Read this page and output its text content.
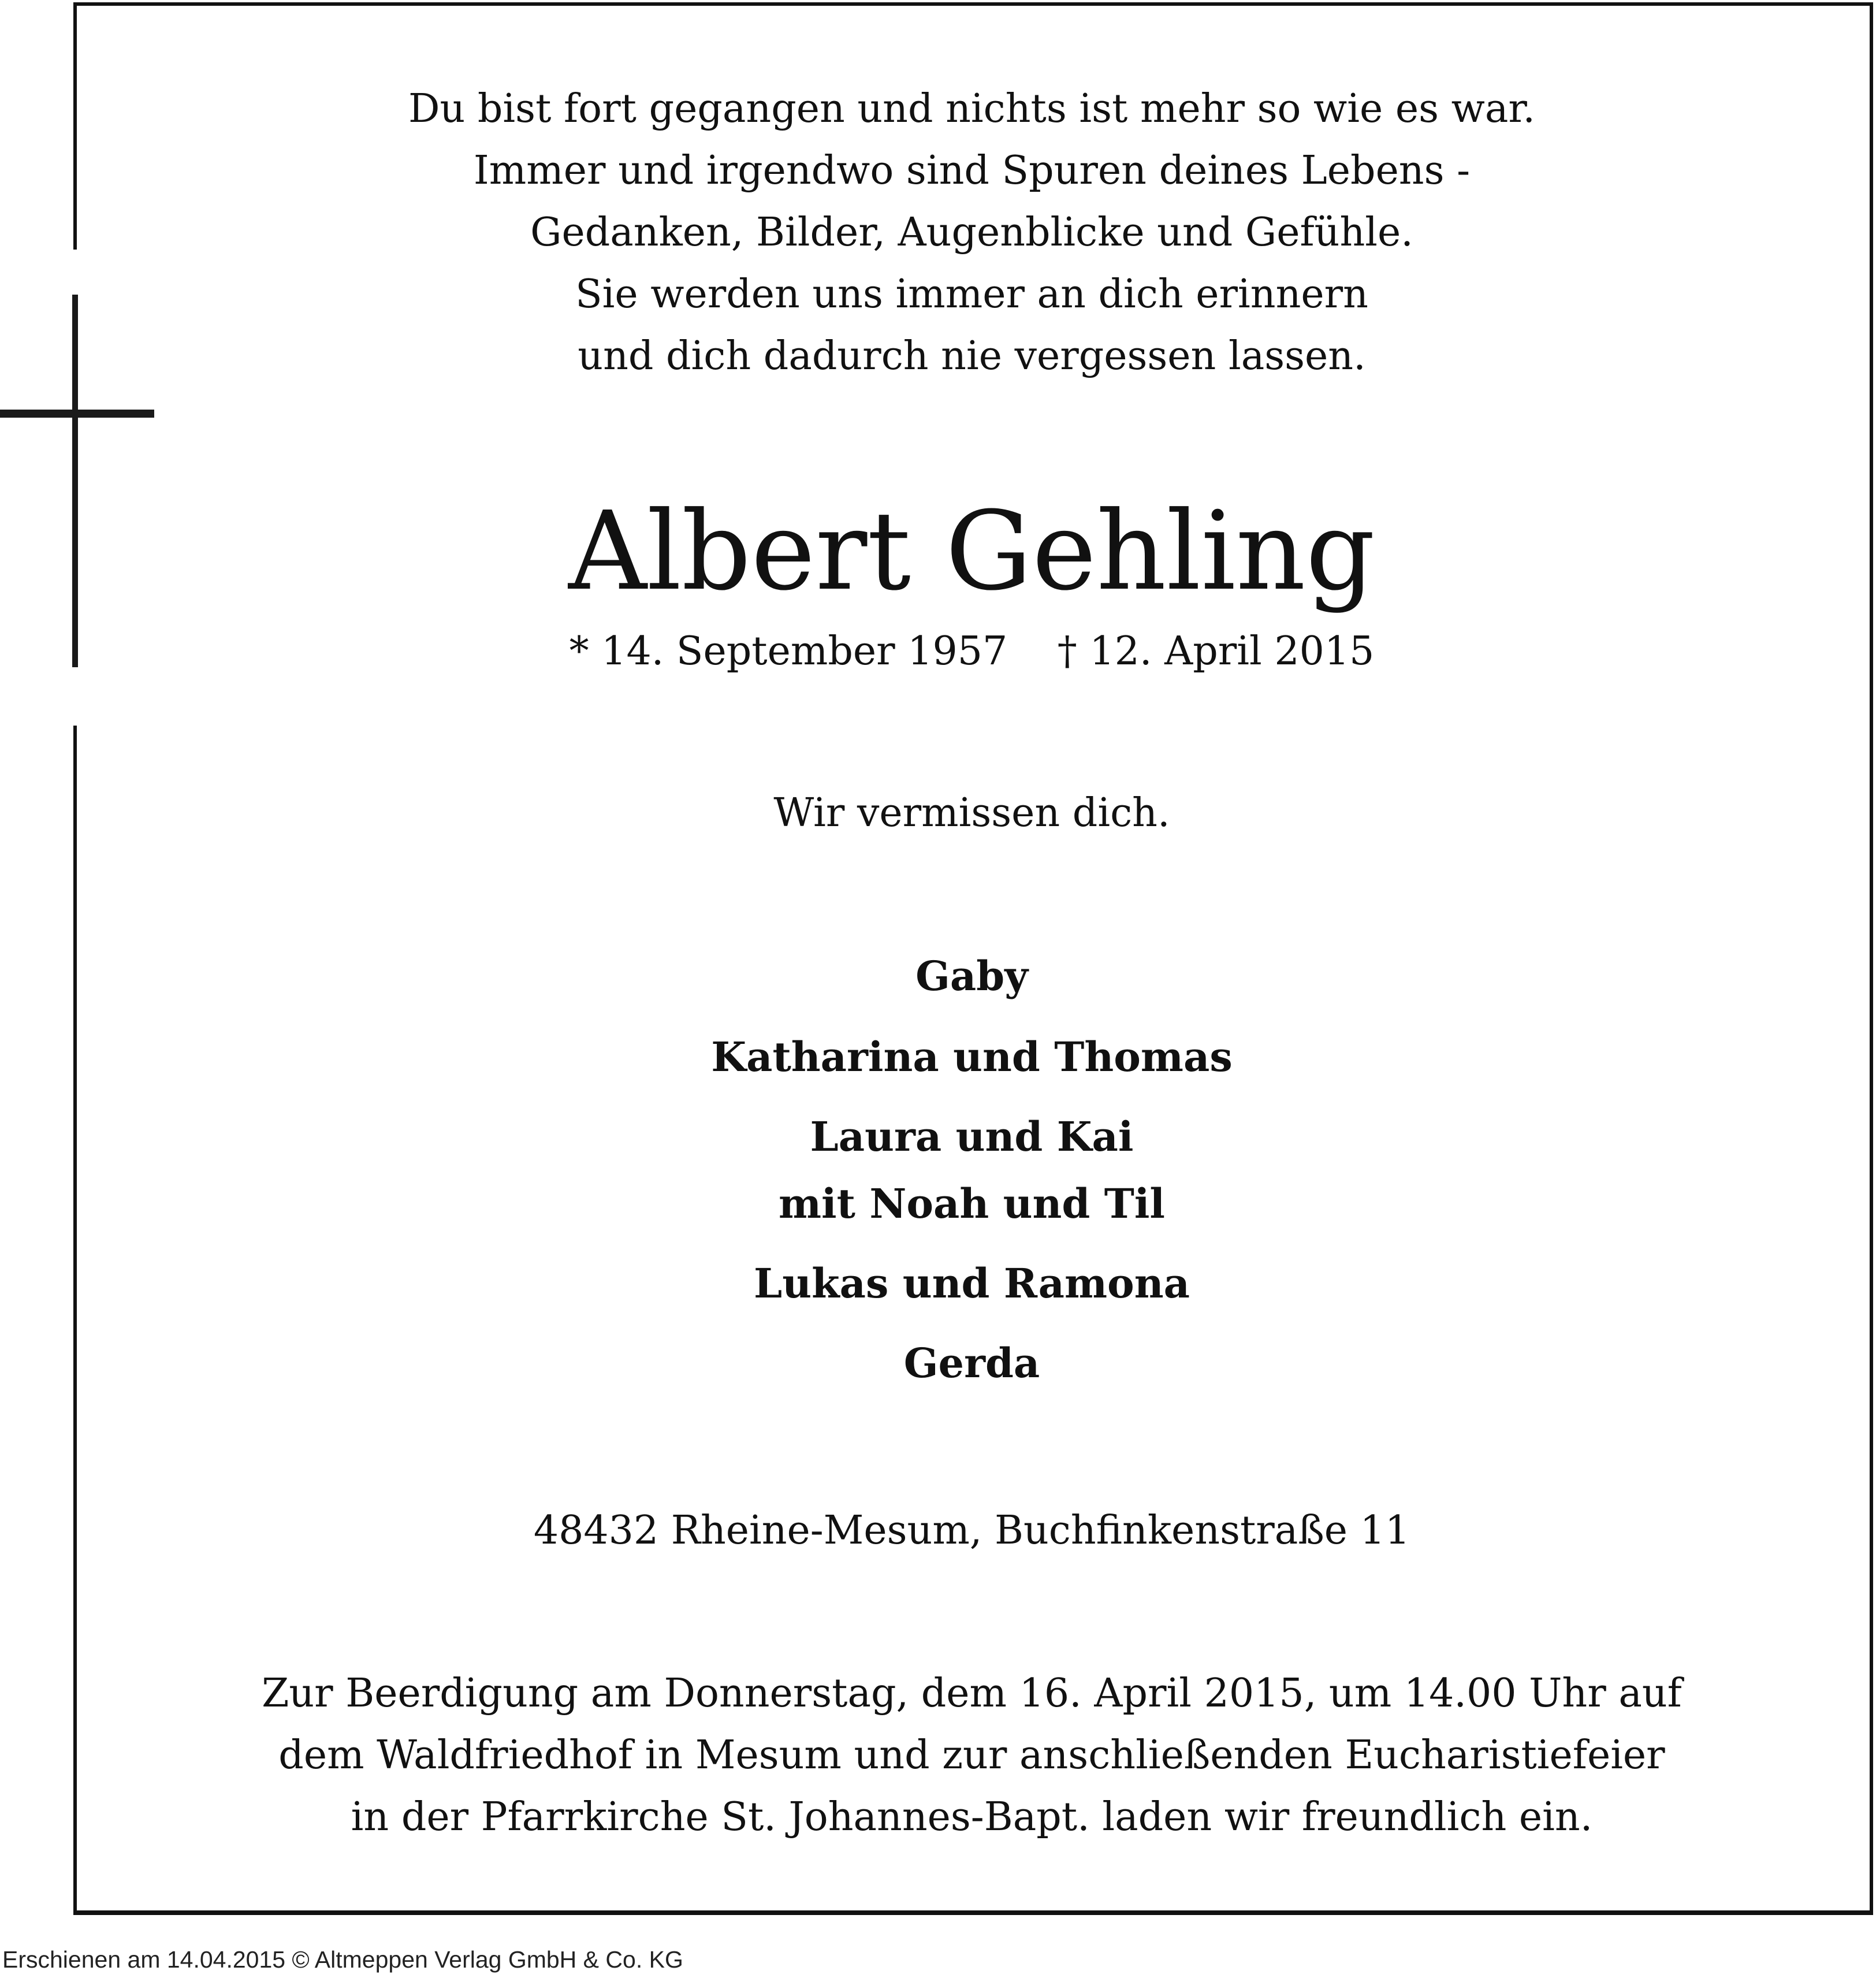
Du bist fort gegangen und nichts ist mehr so wie es war.
Immer und irgendwo sind Spuren deines Lebens -
Gedanken, Bilder, Augenblicke und Gefühle.
Sie werden uns immer an dich erinnern
und dich dadurch nie vergessen lassen.
Albert Gehling
* 14. September 1957    † 12. April 2015
Wir vermissen dich.
Gaby
Katharina und Thomas
Laura und Kai
mit Noah und Til
Lukas und Ramona
Gerda
48432 Rheine-Mesum, Buchfinkenstraße 11
Zur Beerdigung am Donnerstag, dem 16. April 2015, um 14.00 Uhr auf
dem Waldfriedhof in Mesum und zur anschließenden Eucharistiefeier
in der Pfarrkirche St. Johannes-Bapt. laden wir freundlich ein.
Erschienen am 14.04.2015 © Altmeppen Verlag GmbH & Co. KG
